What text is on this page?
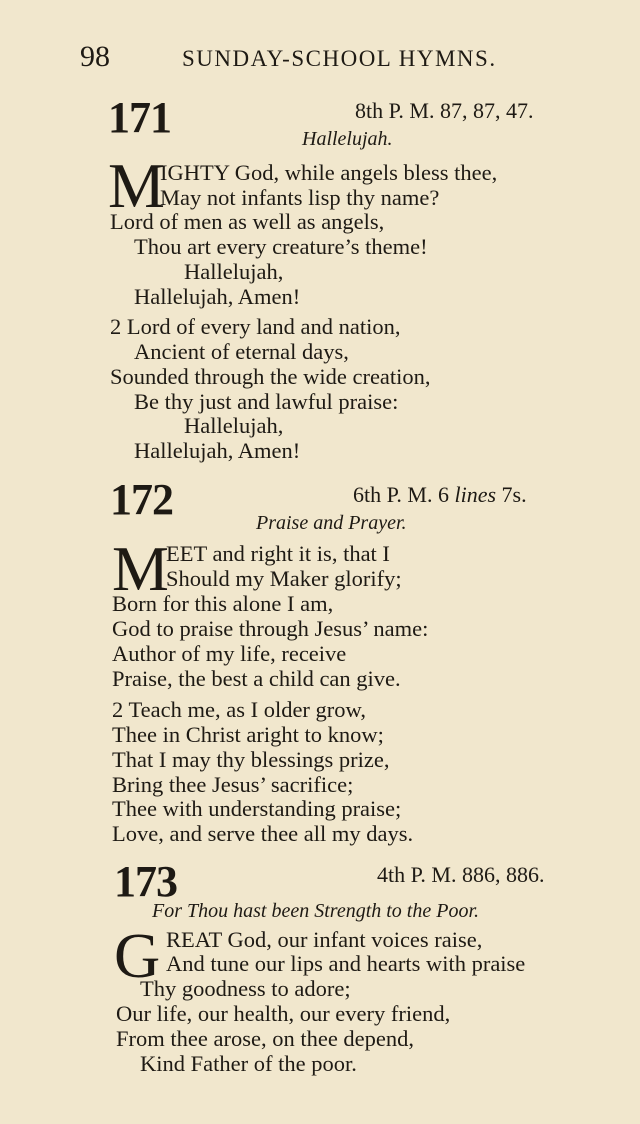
98	SUNDAY-SCHOOL HYMNS.
171	8th P. M. 87, 87, 47.
Hallelujah.
M
IGHTY God, while angels bless thee,
May not infants lisp thy name?
Lord of men as well as angels,
Thou art every creature’s theme!
Hallelujah,
Hallelujah, Amen!
2 Lord of every land and nation,
Ancient of eternal days,
Sounded through the wide creation,
Be thy just and lawful praise:
Hallelujah,
Hallelujah, Amen!
172	6th P. M. 6 lines 7s.
Praise and Prayer.
M
EET and right it is, that I
Should my Maker glorify;
Born for this alone I am,
God to praise through Jesus’ name:
Author of my life, receive
Praise, the best a child can give.
2 Teach me, as I older grow,
Thee in Christ aright to know;
That I may thy blessings prize,
Bring thee Jesus’ sacrifice;
Thee with understanding praise;
Love, and serve thee all my days.
173	4th P. M. 886, 886.
For Thou hast been Strength to the Poor.
G REAT God, our infant voices raise,
And tune our lips and hearts with praise
Thy goodness to adore;
Our life, our health, our every friend,
From thee arose, on thee depend,
Kind Father of the poor.
